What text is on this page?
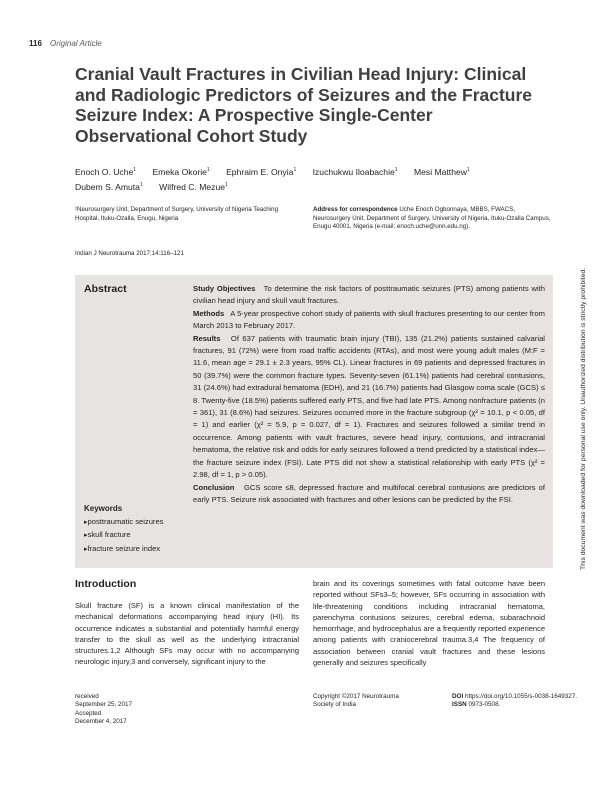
116 Original Article
Cranial Vault Fractures in Civilian Head Injury: Clinical and Radiologic Predictors of Seizures and the Fracture Seizure Index: A Prospective Single-Center Observational Cohort Study
Enoch O. Uche$^1$ Emeka Okorie$^1$ Ephraim E. Onyia$^1$ Izuchukwu Iloabachie$^1$ Mesi Matthew$^1$
Dubem S. Amuta$^1$ Wilfred C. Mezue$^1$
¹Neurosurgery Unit, Department of Surgery, University of Nigeria Teaching Hospital, Ituku-Ozalla, Enugu, Nigeria
Address for correspondence Uche Enoch Ogbonnaya, MBBS, FWACS, Neurosurgery Unit, Department of Surgery, University of Nigeria, Ituku-Ozalla Campus, Enugu 40001, Nigeria (e-mail: enoch.uche@unn.edu.ng).
Indian J Neurotrauma 2017;14:116–121
Abstract	Study Objectives To determine the risk factors of posttraumatic seizures (PTS) among patients with civilian head injury and skull vault fractures.

Methods A 5-year prospective cohort study of patients with skull fractures presenting to our center from March 2013 to February 2017.

Results Of 637 patients with traumatic brain injury (TBI), 135 (21.2%) patients sustained calvarial fractures, 91 (72%) were from road traffic accidents (RTAs), and most were young adult males (M:F = 11.6, mean age = 29.1 ± 2.3 years, 95% CL). Linear fractures in 69 patients and depressed fractures in 50 (39.7%) were the common fracture types. Seventy-seven (61.1%) patients had cerebral contusions, 31 (24.6%) had extradural hematoma (EDH), and 21 (16.7%) patients had Glasgow coma scale (GCS) ≤ 8. Twenty-five (18.5%) patients suffered early PTS, and five had late PTS. Among nonfracture patients (n = 361), 31 (8.6%) had seizures. Seizures occurred more in the fracture subgroup (χ² = 10.1, p < 0.05, df = 1) and earlier (χ² = 5.9, p = 0.027, df = 1). Fractures and seizures followed a similar trend in occurrence. Among patients with vault fractures, severe head injury, contusions, and intracranial hematoma, the relative risk and odds for early seizures followed a trend predicted by a statistical index—the fracture seizure index (FSI). Late PTS did not show a statistical relationship with early PTS (χ² = 2.98, df = 1, p > 0.05).

Conclusion GCS score ≤8, depressed fracture and multifocal cerebral contusions are predictors of early PTS. Seizure risk associated with fractures and other lesions can be predicted by the FSI.

Keywords
▸ posttraumatic seizures
▸ skull fracture
▸ fracture seizure index
Introduction

Skull fracture (SF) is a known clinical manifestation of the mechanical deformations accompanying head injury (HI). Its occurrence indicates a substantial and potentially harmful energy transfer to the skull as well as the underlying intracranial structures.1,2 Although SFs may occur with no accompanying neurologic injury,3 and conversely, significant injury to the

brain and its coverings sometimes with fatal outcome have been reported without SFs3–5; however, SFs occurring in association with life-threatening conditions including intracranial hematoma, parenchyma contusions seizures, cerebral edema, subarachnoid hemorrhage, and hydrocephalus are a frequently reported experience among patients with craniocerebral trauma.3,4 The frequency of association between cranial vault fractures and these lesions generally and seizures specifically

received
September 25, 2017
Accepted
December 4, 2017
Copyright ©2017 Neurotrauma
Society of India
DOI https://doi.org/10.1055/s-0038-1649327.
ISSN 0973-0508.
This document was downloaded for personal use only. Unauthorized distribution is strictly prohibited.
